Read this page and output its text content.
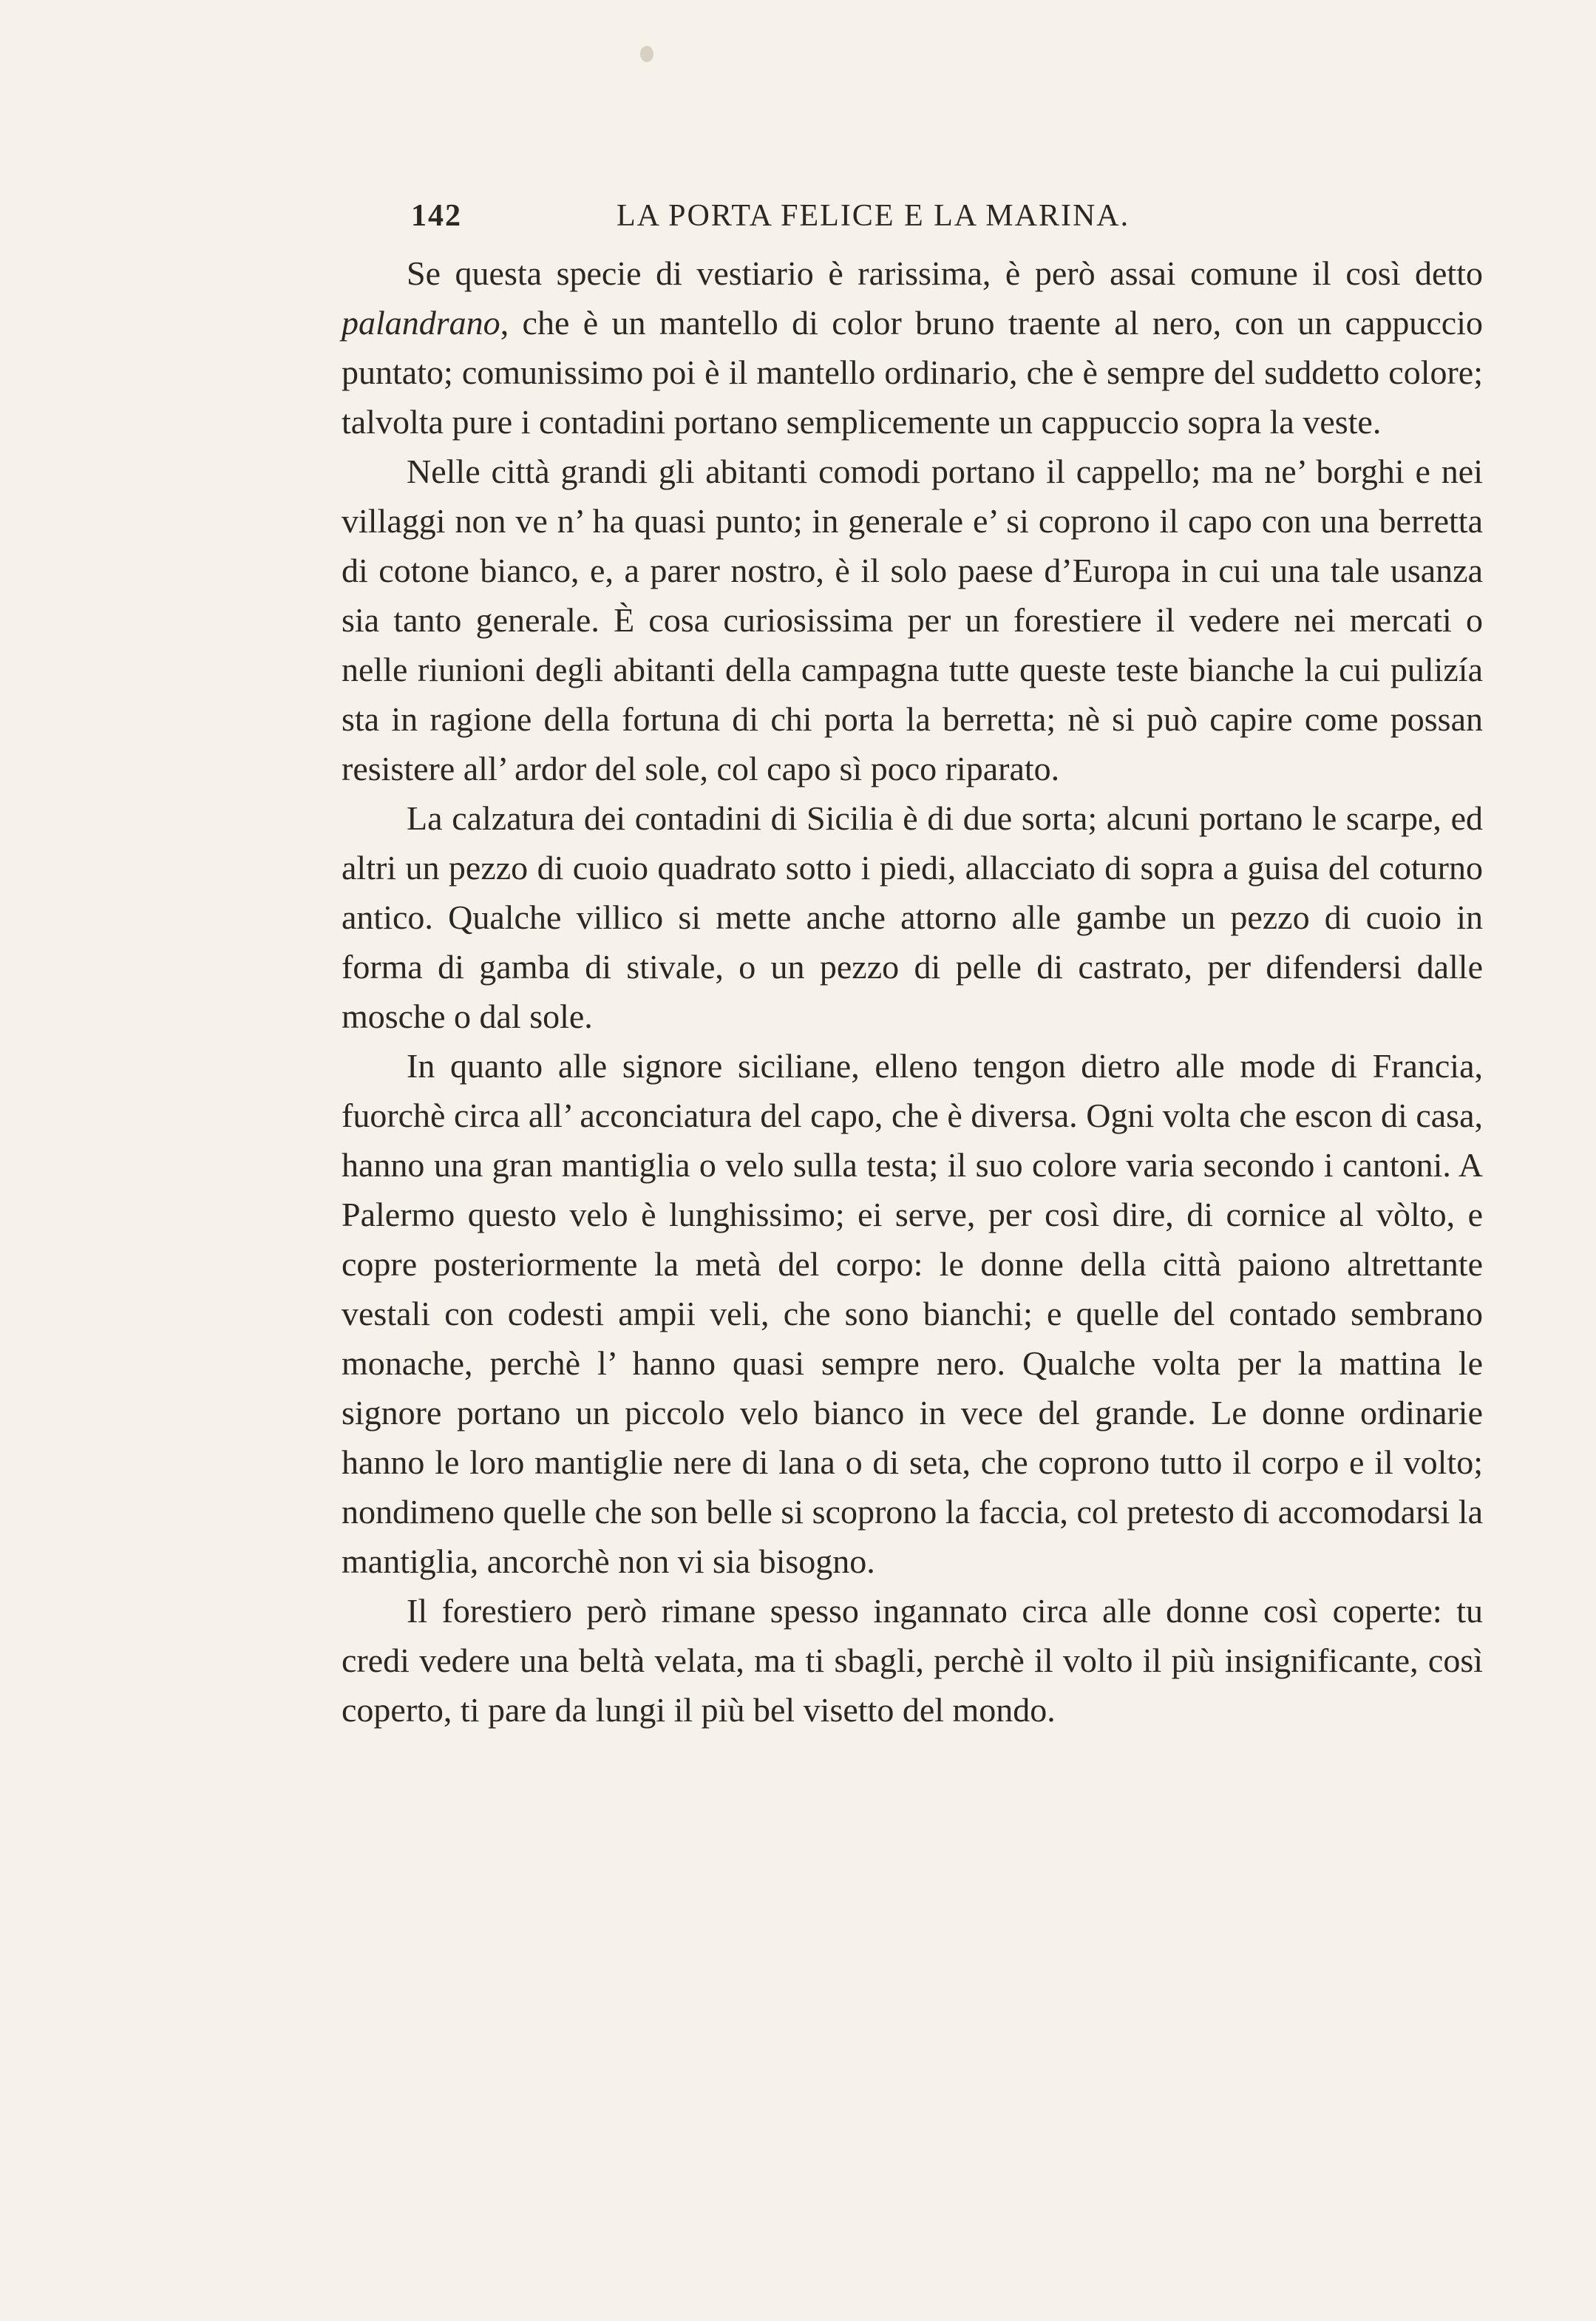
142	LA PORTA FELICE E LA MARINA.

Se questa specie di vestiario è rarissima, è però assai comune il così detto palandrano, che è un mantello di color bruno traente al nero, con un cappuccio puntato; comunissimo poi è il mantello ordinario, che è sempre del suddetto colore; talvolta pure i contadini portano semplicemente un cappuccio sopra la veste.

Nelle città grandi gli abitanti comodi portano il cappello; ma ne’ borghi e nei villaggi non ve n’ ha quasi punto; in generale e’ si coprono il capo con una berretta di cotone bianco, e, a parer nostro, è il solo paese d’Europa in cui una tale usanza sia tanto generale. È cosa curiosissima per un forestiere il vedere nei mercati o nelle riunioni degli abitanti della campagna tutte queste teste bianche la cui pulizía sta in ragione della fortuna di chi porta la berretta; nè si può capire come possan resistere all’ ardor del sole, col capo sì poco riparato.

La calzatura dei contadini di Sicilia è di due sorta; alcuni portano le scarpe, ed altri un pezzo di cuoio quadrato sotto i piedi, allacciato di sopra a guisa del coturno antico. Qualche villico si mette anche attorno alle gambe un pezzo di cuoio in forma di gamba di stivale, o un pezzo di pelle di castrato, per difendersi dalle mosche o dal sole.

In quanto alle signore siciliane, elleno tengon dietro alle mode di Francia, fuorchè circa all’ acconciatura del capo, che è diversa. Ogni volta che escon di casa, hanno una gran mantiglia o velo sulla testa; il suo colore varia secondo i cantoni. A Palermo questo velo è lunghissimo; ei serve, per così dire, di cornice al vòlto, e copre posteriormente la metà del corpo: le donne della città paiono altrettante vestali con codesti ampii veli, che sono bianchi; e quelle del contado sembrano monache, perchè l’ hanno quasi sempre nero. Qualche volta per la mattina le signore portano un piccolo velo bianco in vece del grande. Le donne ordinarie hanno le loro mantiglie nere di lana o di seta, che coprono tutto il corpo e il volto; nondimeno quelle che son belle si scoprono la faccia, col pretesto di accomodarsi la mantiglia, ancorchè non vi sia bisogno.

Il forestiero però rimane spesso ingannato circa alle donne così coperte: tu credi vedere una beltà velata, ma ti sbagli, perchè il volto il più insignificante, così coperto, ti pare da lungi il più bel visetto del mondo.
